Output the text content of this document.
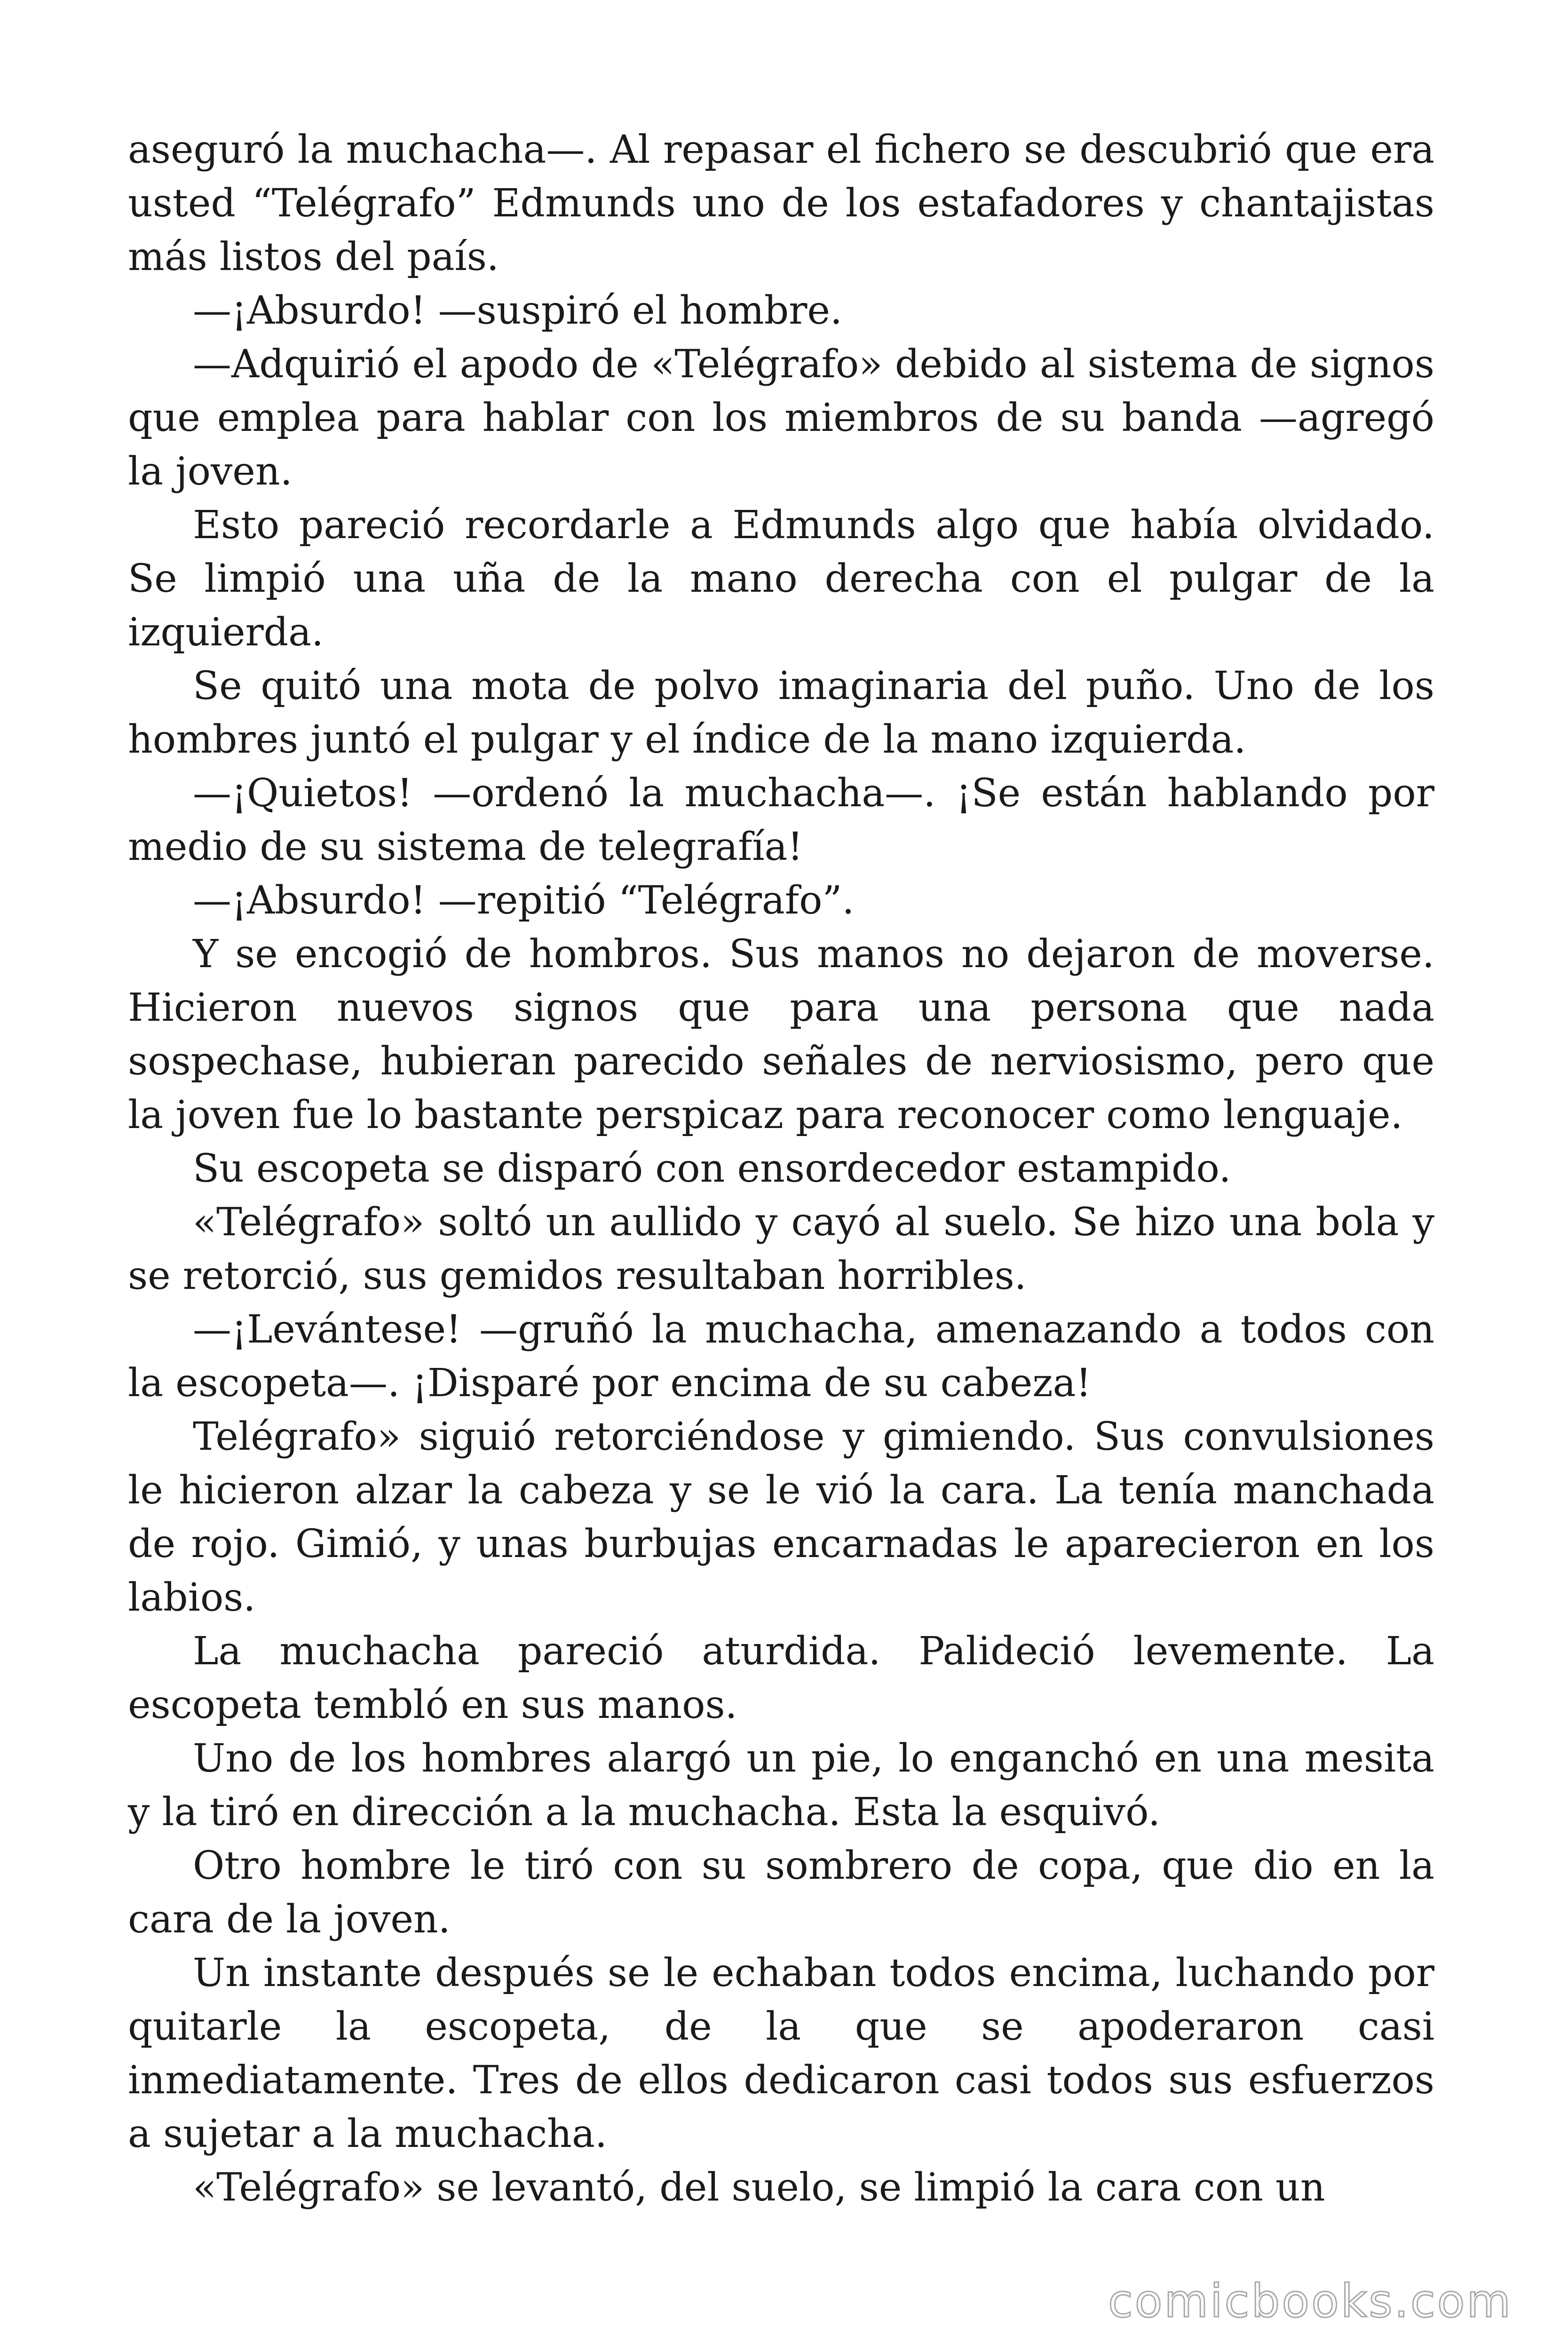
aseguró la muchacha—. Al repasar el fichero se descubrió que era usted “Telégrafo” Edmunds uno de los estafadores y chantajistas más listos del país.

—¡Absurdo! —suspiró el hombre.

—Adquirió el apodo de «Telégrafo» debido al sistema de signos que emplea para hablar con los miembros de su banda —agregó la joven.

Esto pareció recordarle a Edmunds algo que había olvidado. Se limpió una uña de la mano derecha con el pulgar de la izquierda.

Se quitó una mota de polvo imaginaria del puño. Uno de los hombres juntó el pulgar y el índice de la mano izquierda.

—¡Quietos! —ordenó la muchacha—. ¡Se están hablando por medio de su sistema de telegrafía!

—¡Absurdo! —repitió “Telégrafo”.

Y se encogió de hombros. Sus manos no dejaron de moverse. Hicieron nuevos signos que para una persona que nada sospechase, hubieran parecido señales de nerviosismo, pero que la joven fue lo bastante perspicaz para reconocer como lenguaje.

Su escopeta se disparó con ensordecedor estampido.

«Telégrafo» soltó un aullido y cayó al suelo. Se hizo una bola y se retorció, sus gemidos resultaban horribles.

—¡Levántese! —gruñó la muchacha, amenazando a todos con la escopeta—. ¡Disparé por encima de su cabeza!

Telégrafo» siguió retorciéndose y gimiendo. Sus convulsiones le hicieron alzar la cabeza y se le vió la cara. La tenía manchada de rojo. Gimió, y unas burbujas encarnadas le aparecieron en los labios.

La muchacha pareció aturdida. Palideció levemente. La escopeta tembló en sus manos.

Uno de los hombres alargó un pie, lo enganchó en una mesita y la tiró en dirección a la muchacha. Esta la esquivó.

Otro hombre le tiró con su sombrero de copa, que dio en la cara de la joven.

Un instante después se le echaban todos encima, luchando por quitarle la escopeta, de la que se apoderaron casi inmediatamente. Tres de ellos dedicaron casi todos sus esfuerzos a sujetar a la muchacha.

«Telégrafo» se levantó, del suelo, se limpió la cara con un

comicbooks.com
